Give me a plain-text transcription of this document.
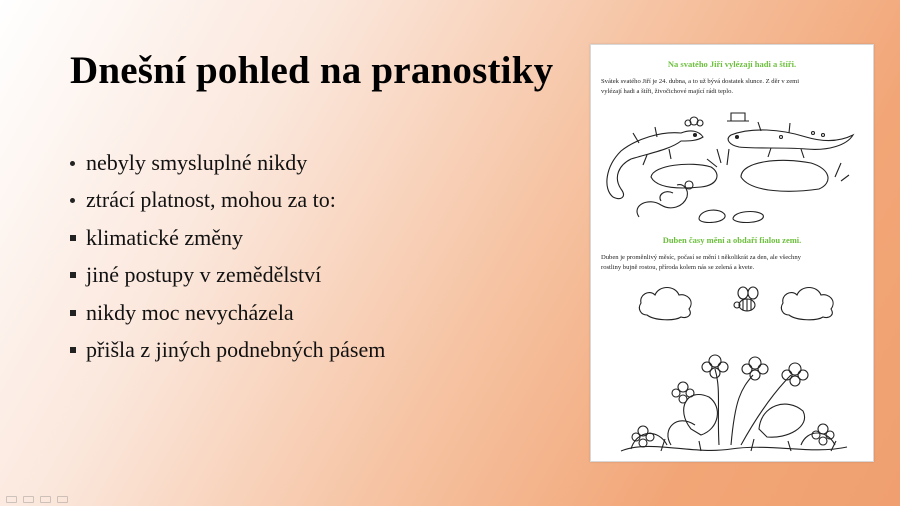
Dnešní pohled na pranostiky
nebyly smysluplné nikdy
ztrácí platnost, mohou za to:
klimatické změny
jiné postupy v zemědělství
nikdy moc nevycházela
přišla z jiných podnebných pásem

Na svatého Jiří vylézají hadi a štíři.

Svátek svatého Jiří je 24. dubna, a to už bývá dostatek slunce. Z děr v zemi

vylézají hadi a štíři, živočichové mající rádi teplo.

Duben časy mění a obdaří fialou zemi.

Duben je proměnlivý měsíc, počasí se mění i několikrát za den, ale všechny

rostliny bujně rostou, příroda kolem nás se zelená a kvete.
